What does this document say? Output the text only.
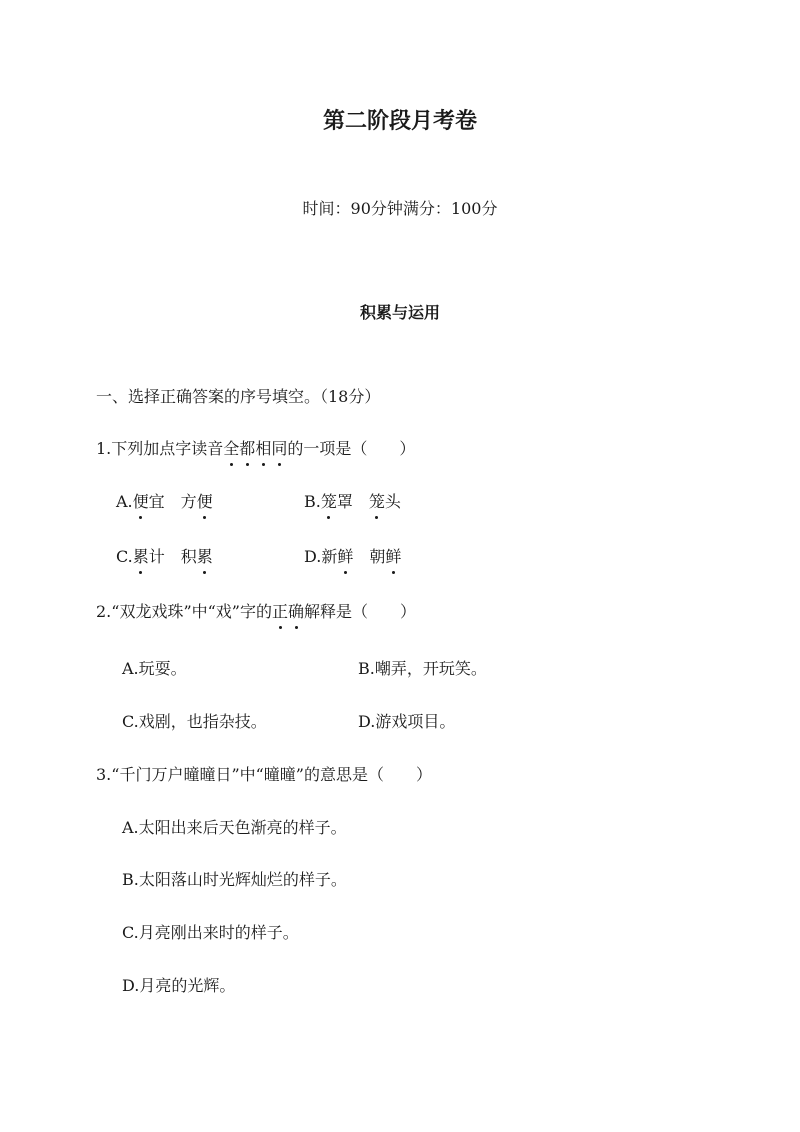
第二阶段月考卷
时间：90分钟满分：100分
积累与运用
一、选择正确答案的序号填空。（18分）
1.下列加点字读音全都相同的一项是（　　）
A.便宜　方便	B.笼罩　笼头
C.累计　积累	D.新鲜　朝鲜
2.“双龙戏珠”中“戏”字的正确解释是（　　）
A.玩耍。	B.嘲弄，开玩笑。
C.戏剧，也指杂技。	D.游戏项目。
3.“千门万户曈曈日”中“曈曈”的意思是（　　）
A.太阳出来后天色渐亮的样子。
B.太阳落山时光辉灿烂的样子。
C.月亮刚出来时的样子。
D.月亮的光辉。
